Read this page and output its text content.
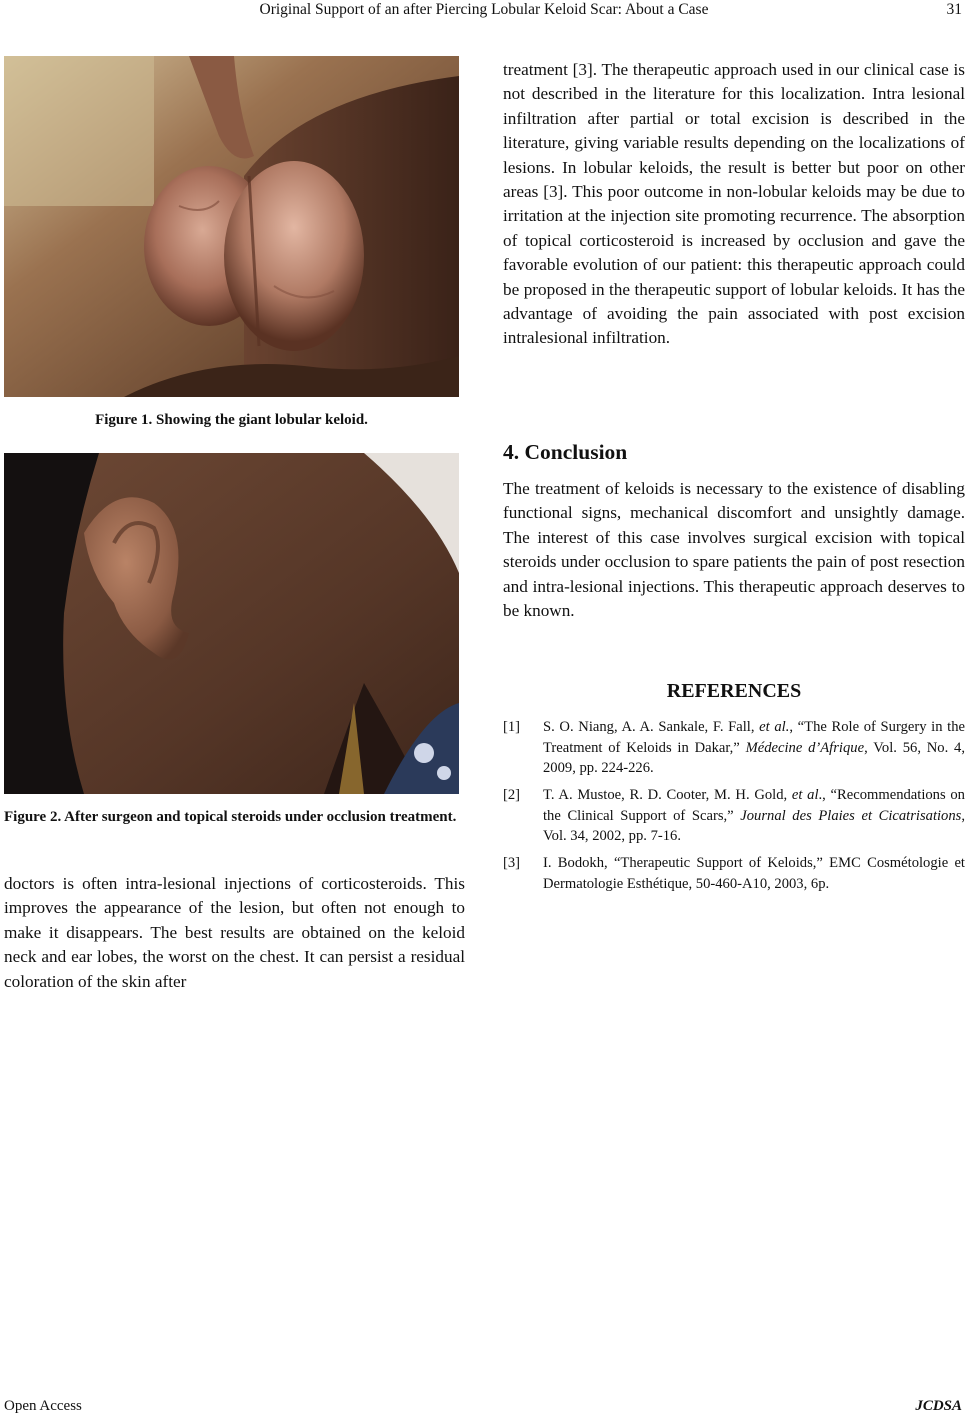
Original Support of an after Piercing Lobular Keloid Scar: About a Case	31
Figure 1. Showing the giant lobular keloid.
Figure 2. After surgeon and topical steroids under occlusion treatment.

doctors is often intra-lesional injections of corticosteroids. This improves the appearance of the lesion, but often not enough to make it disappears. The best results are obtained on the keloid neck and ear lobes, the worst on the chest. It can persist a residual coloration of the skin after

treatment [3]. The therapeutic approach used in our clinical case is not described in the literature for this localization. Intra lesional infiltration after partial or total excision is described in the literature, giving variable results depending on the localizations of lesions. In lobular keloids, the result is better but poor on other areas [3]. This poor outcome in non-lobular keloids may be due to irritation at the injection site promoting recurrence. The absorption of topical corticosteroid is increased by occlusion and gave the favorable evolution of our patient: this therapeutic approach could be proposed in the therapeutic support of lobular keloids. It has the advantage of avoiding the pain associated with post excision intralesional infiltration.

4. Conclusion

The treatment of keloids is necessary to the existence of disabling functional signs, mechanical discomfort and unsightly damage. The interest of this case involves surgical excision with topical steroids under occlusion to spare patients the pain of post resection and intra-lesional injections. This therapeutic approach deserves to be known.

REFERENCES
[1] S. O. Niang, A. A. Sankale, F. Fall, et al., “The Role of Surgery in the Treatment of Keloids in Dakar,” Médecine d’Afrique, Vol. 56, No. 4, 2009, pp. 224-226.
[2] T. A. Mustoe, R. D. Cooter, M. H. Gold, et al., “Recommendations on the Clinical Support of Scars,” Journal des Plaies et Cicatrisations, Vol. 34, 2002, pp. 7-16.
[3] I. Bodokh, “Therapeutic Support of Keloids,” EMC Cosmétologie et Dermatologie Esthétique, 50-460-A10, 2003, 6p.
Open Access	JCDSA
